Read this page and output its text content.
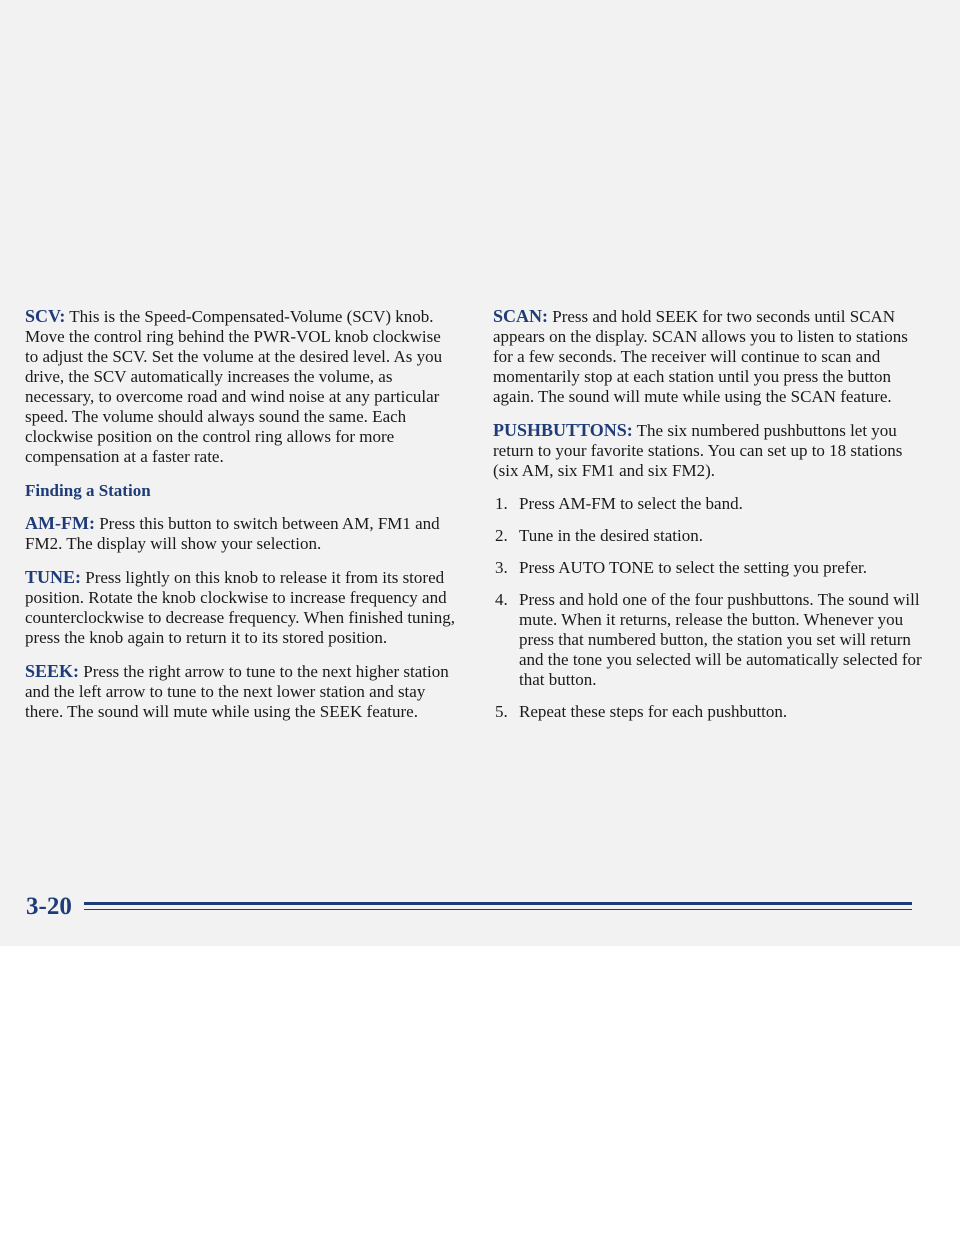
SCV: This is the Speed-Compensated-Volume (SCV) knob. Move the control ring behind the PWR-VOL knob clockwise to adjust the SCV. Set the volume at the desired level. As you drive, the SCV automatically increases the volume, as necessary, to overcome road and wind noise at any particular speed. The volume should always sound the same. Each clockwise position on the control ring allows for more compensation at a faster rate.

Finding a Station

AM-FM: Press this button to switch between AM, FM1 and FM2. The display will show your selection.

TUNE: Press lightly on this knob to release it from its stored position. Rotate the knob clockwise to increase frequency and counterclockwise to decrease frequency. When finished tuning, press the knob again to return it to its stored position.

SEEK: Press the right arrow to tune to the next higher station and the left arrow to tune to the next lower station and stay there. The sound will mute while using the SEEK feature.

SCAN: Press and hold SEEK for two seconds until SCAN appears on the display. SCAN allows you to listen to stations for a few seconds. The receiver will continue to scan and momentarily stop at each station until you press the button again. The sound will mute while using the SCAN feature.

PUSHBUTTONS: The six numbered pushbuttons let you return to your favorite stations. You can set up to 18 stations (six AM, six FM1 and six FM2).

1. Press AM-FM to select the band.
2. Tune in the desired station.
3. Press AUTO TONE to select the setting you prefer.
4. Press and hold one of the four pushbuttons. The sound will mute. When it returns, release the button. Whenever you press that numbered button, the station you set will return and the tone you selected will be automatically selected for that button.
5. Repeat these steps for each pushbutton.
3-20
